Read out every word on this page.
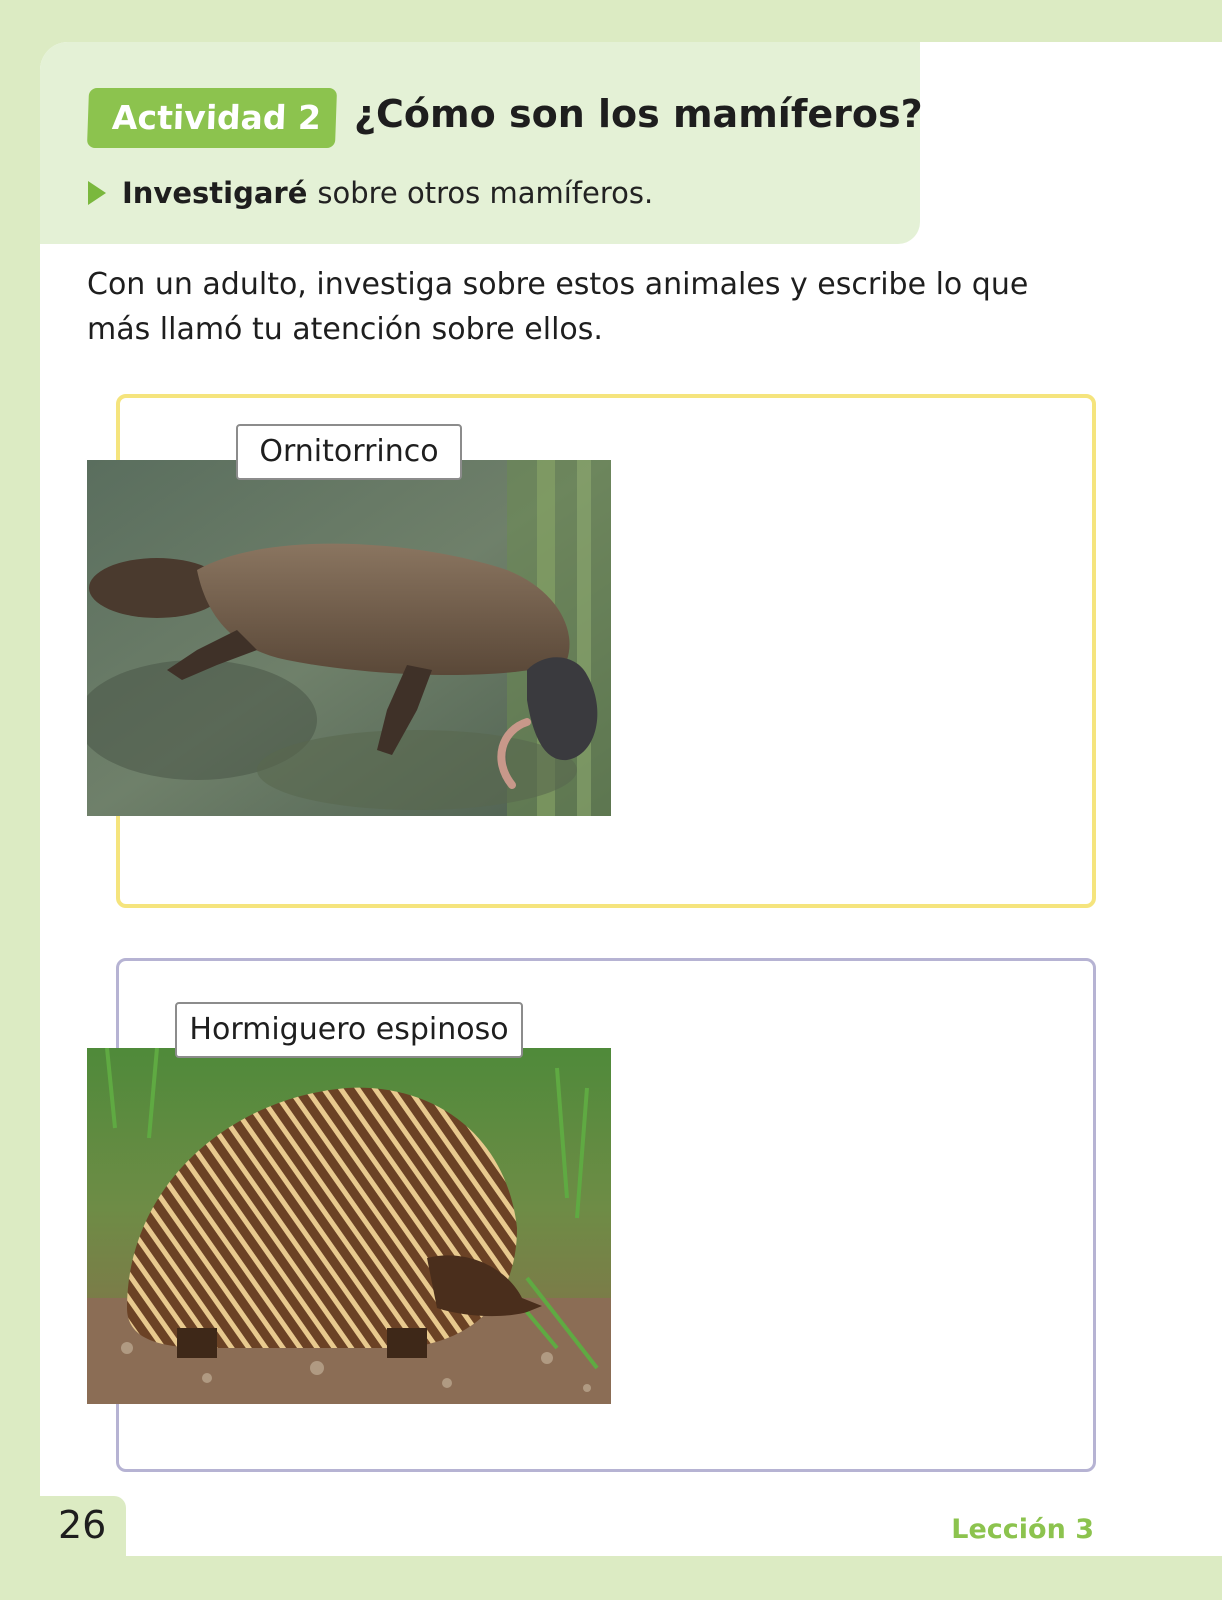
Actividad 2 ¿Cómo son los mamíferos?
Investigaré sobre otros mamíferos.

Con un adulto, investiga sobre estos animales y escribe lo que más llamó tu atención sobre ellos.

Ornitorrinco
Hormiguero espinoso
26	Lección 3
